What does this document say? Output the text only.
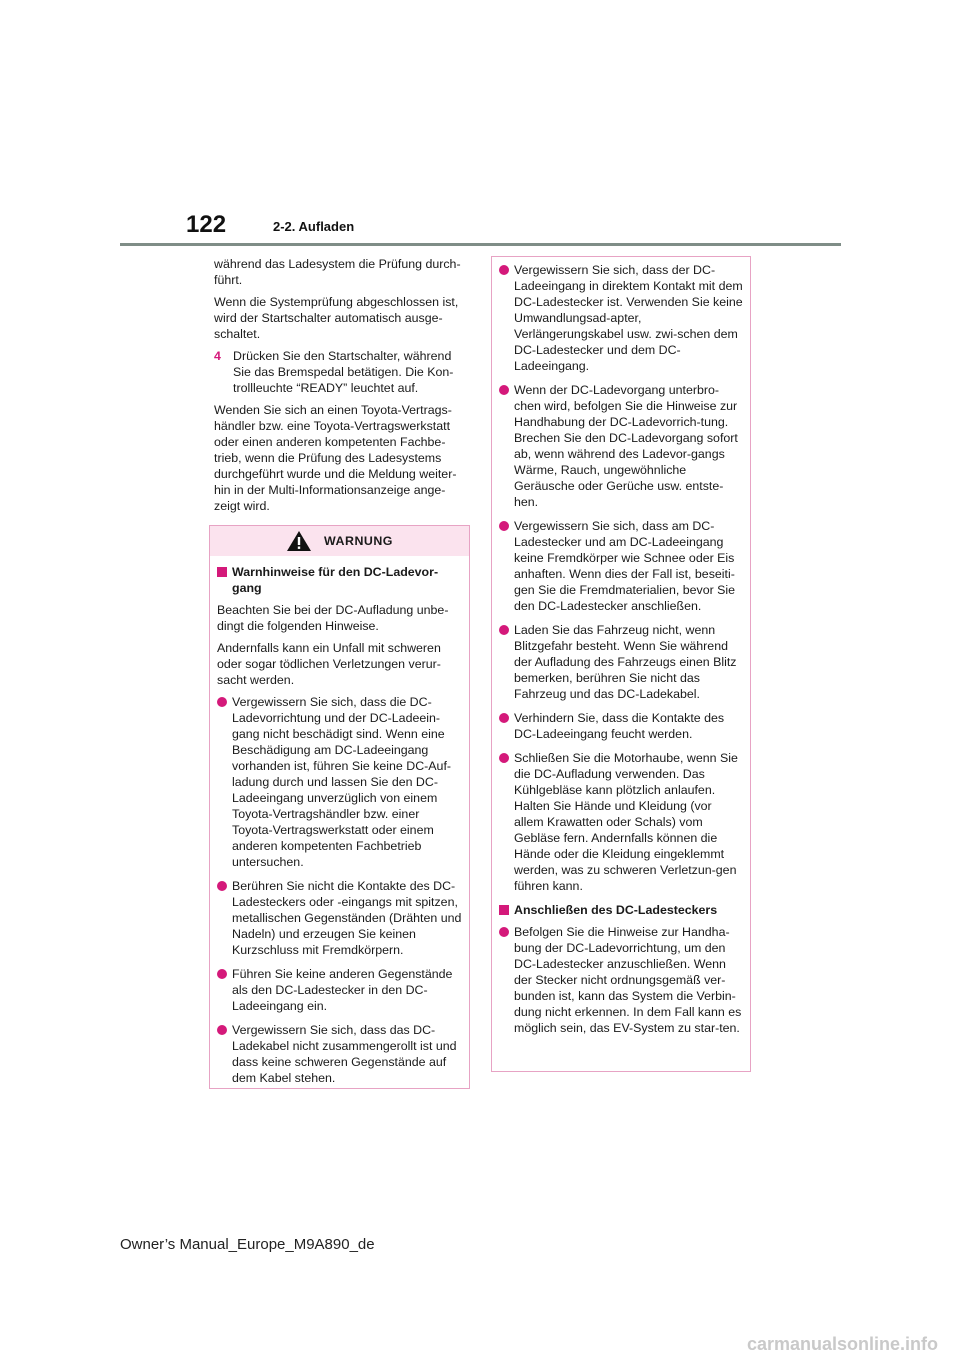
122	2-2. Aufladen

während das Ladesystem die Prüfung durch-führt.

Wenn die Systemprüfung abgeschlossen ist, wird der Startschalter automatisch ausge-schaltet.

4 Drücken Sie den Startschalter, während Sie das Bremspedal betätigen. Die Kon-trollleuchte “READY” leuchtet auf.

Wenden Sie sich an einen Toyota-Vertrags-händler bzw. eine Toyota-Vertragswerkstatt oder einen anderen kompetenten Fachbe-trieb, wenn die Prüfung des Ladesystems durchgeführt wurde und die Meldung weiter-hin in der Multi-Informationsanzeige ange-zeigt wird.

WARNUNG
Warnhinweise für den DC-Ladevor-gang

Beachten Sie bei der DC-Aufladung unbe-dingt die folgenden Hinweise.

Andernfalls kann ein Unfall mit schweren oder sogar tödlichen Verletzungen verur-sacht werden.

Vergewissern Sie sich, dass die DC-Ladevorrichtung und der DC-Ladeein-gang nicht beschädigt sind. Wenn eine Beschädigung am DC-Ladeeingang vorhanden ist, führen Sie keine DC-Auf-ladung durch und lassen Sie den DC-Ladeeingang unverzüglich von einem Toyota-Vertragshändler bzw. einer Toyota-Vertragswerkstatt oder einem anderen kompetenten Fachbetrieb untersuchen.
Berühren Sie nicht die Kontakte des DC-Ladesteckers oder -eingangs mit spitzen, metallischen Gegenständen (Drähten und Nadeln) und erzeugen Sie keinen Kurzschluss mit Fremdkörpern.
Führen Sie keine anderen Gegenstände als den DC-Ladestecker in den DC-Ladeeingang ein.
Vergewissern Sie sich, dass das DC-Ladekabel nicht zusammengerollt ist und dass keine schweren Gegenstände auf dem Kabel stehen.
Vergewissern Sie sich, dass der DC-Ladeeingang in direktem Kontakt mit dem DC-Ladestecker ist. Verwenden Sie keine Umwandlungsad-apter, Verlängerungskabel usw. zwi-schen dem DC-Ladestecker und dem DC-Ladeeingang.
Wenn der DC-Ladevorgang unterbro-chen wird, befolgen Sie die Hinweise zur Handhabung der DC-Ladevorrich-tung. Brechen Sie den DC-Ladevorgang sofort ab, wenn während des Ladevor-gangs Wärme, Rauch, ungewöhnliche Geräusche oder Gerüche usw. entste-hen.
Vergewissern Sie sich, dass am DC-Ladestecker und am DC-Ladeeingang keine Fremdkörper wie Schnee oder Eis anhaften. Wenn dies der Fall ist, beseiti-gen Sie die Fremdmaterialien, bevor Sie den DC-Ladestecker anschließen.
Laden Sie das Fahrzeug nicht, wenn Blitzgefahr besteht. Wenn Sie während der Aufladung des Fahrzeugs einen Blitz bemerken, berühren Sie nicht das Fahrzeug und das DC-Ladekabel.
Verhindern Sie, dass die Kontakte des DC-Ladeeingang feucht werden.
Schließen Sie die Motorhaube, wenn Sie die DC-Aufladung verwenden. Das Kühlgebläse kann plötzlich anlaufen. Halten Sie Hände und Kleidung (vor allem Krawatten oder Schals) vom Gebläse fern. Andernfalls können die Hände oder die Kleidung eingeklemmt werden, was zu schweren Verletzun-gen führen kann.
Anschließen des DC-Ladesteckers
Befolgen Sie die Hinweise zur Handha-bung der DC-Ladevorrichtung, um den DC-Ladestecker anzuschließen. Wenn der Stecker nicht ordnungsgemäß ver-bunden ist, kann das System die Verbin-dung nicht erkennen. In dem Fall kann es möglich sein, das EV-System zu star-ten.
Owner’s Manual_Europe_M9A890_de
carmanualsonline.info
